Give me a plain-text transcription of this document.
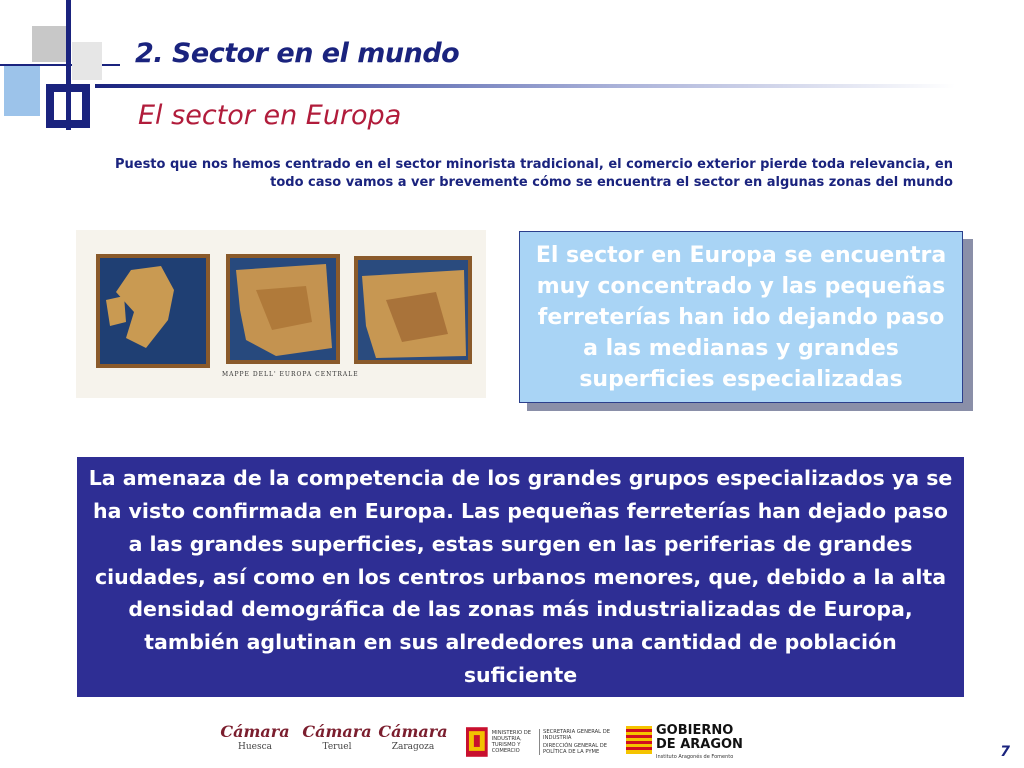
2. Sector en el mundo
El sector en Europa

Puesto que nos hemos centrado en el sector minorista tradicional, el comercio exterior pierde toda relevancia, en todo caso vamos a ver brevemente cómo se encuentra el sector en algunas zonas del mundo

MAPPE DELL' EUROPA CENTRALE

El sector en Europa se encuentra muy concentrado y las pequeñas ferreterías han ido dejando paso a las medianas y grandes superficies especializadas

La amenaza de la competencia de los grandes grupos especializados ya se ha visto confirmada en Europa. Las pequeñas ferreterías han dejado paso a las grandes superficies, estas surgen en las periferias de grandes ciudades, así como en los centros urbanos menores, que, debido a la alta densidad demográfica de las zonas más industrializadas de Europa, también aglutinan en sus alrededores una cantidad de población suficiente

Cámara
Huesca
Cámara
Teruel
Cámara
Zaragoza
MINISTERIO DE INDUSTRIA, TURISMO Y COMERCIO
SECRETARIA GENERAL DE INDUSTRIA
DIRECCIÓN GENERAL DE POLÍTICA DE LA PYME
GOBIERNO
DE ARAGON
Instituto Aragonés de Fomento	7
